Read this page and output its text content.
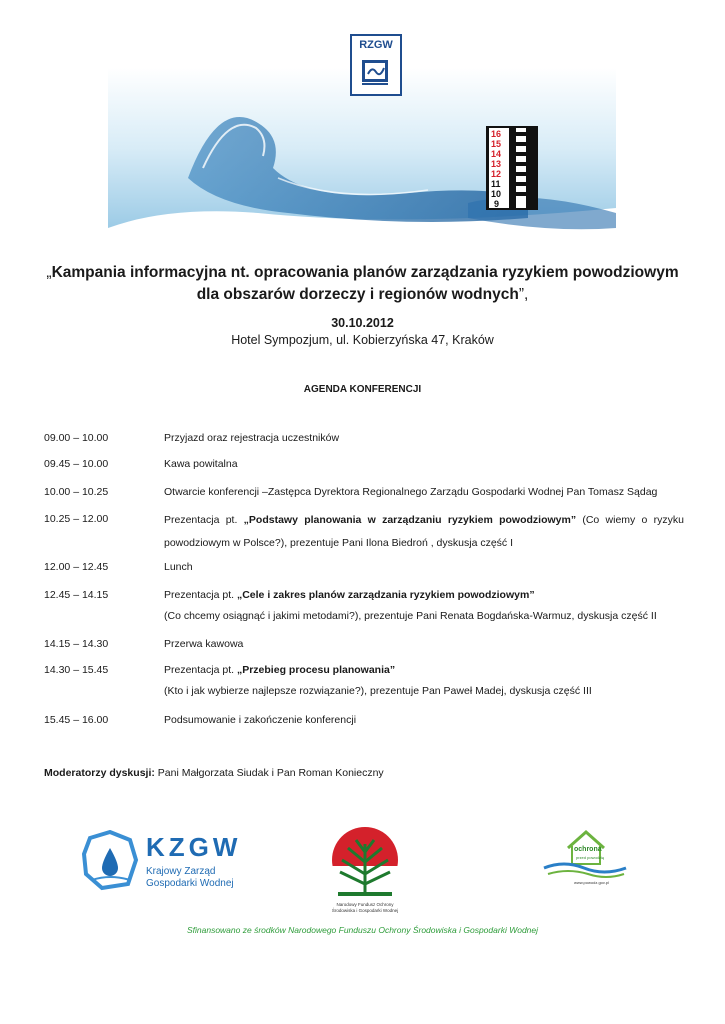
RZGW
16
15
14
13
12
11
10
9
„Kampania informacyjna nt. opracowania planów zarządzania ryzykiem powodziowym
dla obszarów dorzeczy i regionów wodnych”,
30.10.2012
Hotel Sympozjum, ul. Kobierzyńska 47, Kraków
AGENDA KONFERENCJI
09.00 – 10.00	Przyjazd oraz rejestracja uczestników
09.45 – 10.00	Kawa powitalna
10.00 – 10.25	Otwarcie konferencji –Zastępca Dyrektora Regionalnego Zarządu Gospodarki Wodnej Pan Tomasz Sądag
10.25 – 12.00	Prezentacja pt. „Podstawy planowania w zarządzaniu ryzykiem powodziowym” (Co wiemy o ryzyku powodziowym w Polsce?), prezentuje Pani Ilona Biedroń , dyskusja część I
12.00 – 12.45	Lunch
12.45 – 14.15	Prezentacja pt. „Cele i zakres planów zarządzania ryzykiem powodziowym”
(Co chcemy osiągnąć i jakimi metodami?), prezentuje Pani Renata Bogdańska-Warmuz, dyskusja część II
14.15 – 14.30	Przerwa kawowa
14.30 – 15.45	Prezentacja pt. „Przebieg procesu planowania”
(Kto i jak wybierze najlepsze rozwiązanie?), prezentuje Pan Paweł Madej, dyskusja część III
15.45 – 16.00	Podsumowanie i zakończenie konferencji
Moderatorzy dyskusji: Pani Małgorzata Siudak i Pan Roman Konieczny
KZGW
Krajowy Zarząd
Gospodarki Wodnej
Narodowy Fundusz Ochrony Środowiska i Gospodarki Wodnej
ochrona
przed powodzią
www.powodz.gov.pl
Sfinansowano ze środków Narodowego Funduszu Ochrony Środowiska i Gospodarki Wodnej
